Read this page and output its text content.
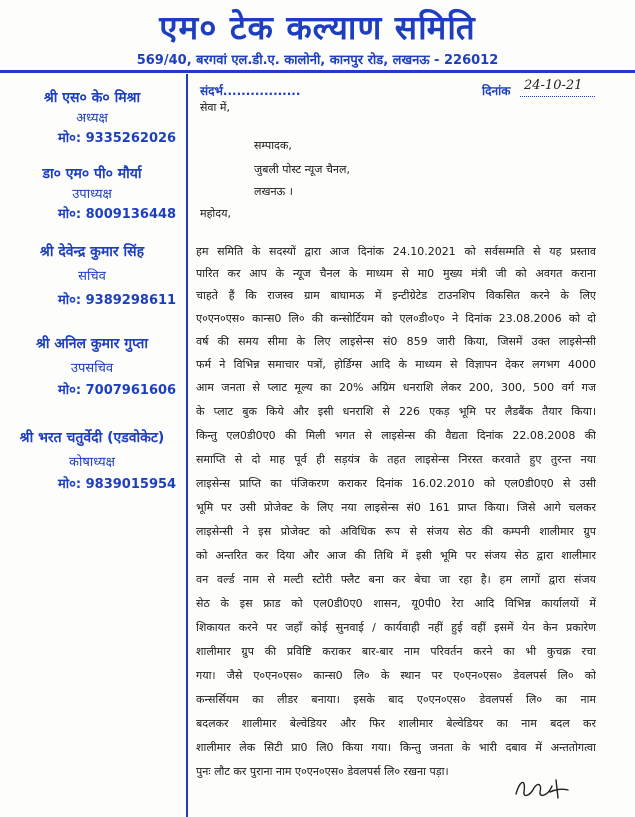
एम० टेक कल्याण समिति
569/40, बरगवां एल.डी.ए. कालोनी, कानपुर रोड, लखनऊ - 226012
श्री एस० के० मिश्रा
अध्यक्ष
मो०: 9335262026
डा० एम० पी० मौर्या
उपाध्यक्ष
मो०: 8009136448
श्री देवेन्द्र कुमार सिंह
सचिव
मो०: 9389298611
श्री अनिल कुमार गुप्ता
उपसचिव
मो०: 7007961606
श्री भरत चतुर्वेदी (एडवोकेट)
कोषाध्यक्ष
मो०: 9839015954
संदर्भ.................	दिनांक 24-10-21
सेवा में,
सम्पादक,
जुबली पोस्ट न्यूज चैनल,
लखनऊ ।
महोदय,
हम समिति के सदस्यों द्वारा आज दिनांक 24.10.2021 को सर्वसम्मति से यह प्रस्ताव
पारित कर आप के न्यूज चैनल के माध्यम से मा0 मुख्य मंत्री जी को अवगत कराना
चाहते हैं कि राजस्व ग्राम बाघामऊ में इन्टीग्रेटेड टाउनशिप विकसित करने के लिए
ए०एन०एस० कान्स0 लि० की कन्सोर्टियम को एल०डी०ए० ने दिनांक 23.08.2006 को दो
वर्ष की समय सीमा के लिए लाइसेन्स सं0 859 जारी किया, जिसमें उक्त लाइसेन्सी
फर्म ने विभिन्न समाचार पत्रों, होर्डिग्स आदि के माध्यम से विज्ञापन देकर लगभग 4000
आम जनता से प्लाट मूल्य का 20% अग्रिम धनराशि लेकर 200, 300, 500 वर्ग गज
के प्लाट बुक किये और इसी धनराशि से 226 एकड़ भूमि पर लैडबैंक तैयार किया।
किन्तु एल0डी0ए0 की मिली भगत से लाइसेन्स की वैद्यता दिनांक 22.08.2008 की
समाप्ति से दो माह पूर्व ही सड़यंत्र के तहत लाइसेन्स निरस्त करवाते हुए तुरन्त नया
लाइसेन्स प्राप्ति का पंजिकरण कराकर दिनांक 16.02.2010 को एल0डी0ए0 से उसी
भूमि पर उसी प्रोजेक्ट के लिए नया लाइसेन्स सं0 161 प्राप्त किया। जिसे आगे चलकर
लाइसेन्सी ने इस प्रोजेक्ट को अविधिक रूप से संजय सेठ की कम्पनी शालीमार ग्रुप
को अन्तरित कर दिया और आज की तिथि में इसी भूमि पर संजय सेठ द्वारा शालीमार
वन वर्ल्ड नाम से मल्टी स्टोरी फ्लैट बना कर बेचा जा रहा है। हम लागों द्वारा संजय
सेठ के इस फ्राड को एल0डी0ए0 शासन, यू0पी0 रेरा आदि विभिन्न कार्यालयों में
शिकायत करने पर जहाँ कोई सुनवाई / कार्यवाही नहीं हुई वहीं इसमें येन केन प्रकारेण
शालीमार ग्रुप की प्रविष्टि कराकर बार-बार नाम परिवर्तन करने का भी कुचक्र रचा
गया। जैसे ए०एन०एस० कान्स0 लि० के स्थान पर ए०एन०एस० डेवलपर्स लि० को
कन्सर्सियम का लीडर बनाया। इसके बाद ए०एन०एस० डेवलपर्स लि० का नाम
बदलकर शालीमार बेल्वेडियर और फिर शालीमार बेल्वेडियर का नाम बदल कर
शालीमार लेक सिटी प्रा0 लि0 किया गया। किन्तु जनता के भारी दबाव में अन्ततोगत्वा
पुनः लौट कर पुराना नाम ए०एन०एस० डेवलपर्स लि० रखना पड़ा।
